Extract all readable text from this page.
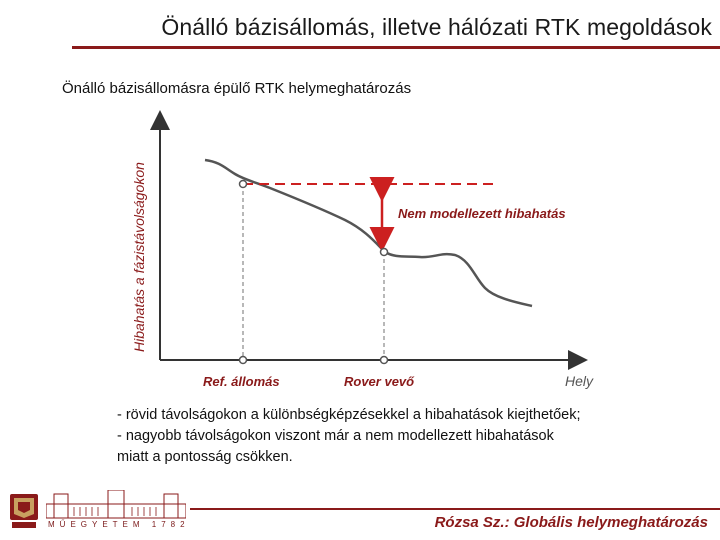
Önálló bázisállomás, illetve hálózati RTK megoldások
Önálló bázisállomásra épülő RTK helymeghatározás
Hibahatás a fázistávolságokon	Nem modellezett hibahatás
Ref. állomás	Rover vevő	Hely
- rövid távolságokon a különbségképzésekkel a hibahatások kiejthetőek;
- nagyobb távolságokon viszont már a nem modellezett hibahatások
miatt a pontosság csökken.
MŰEGYETEM 1782	Rózsa Sz.: Globális helymeghatározás
